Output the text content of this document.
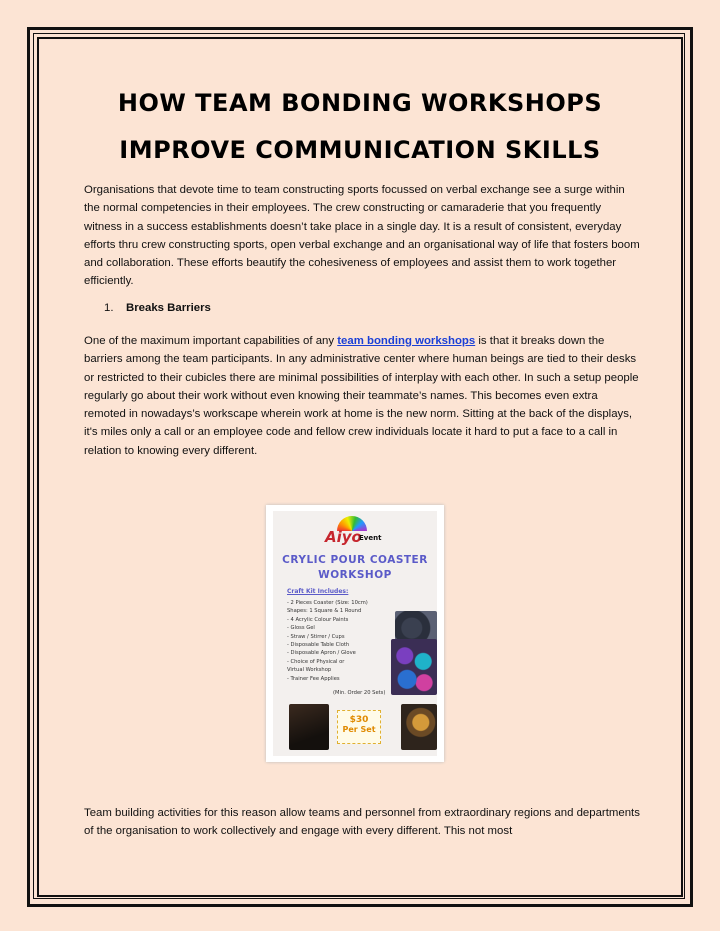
HOW TEAM BONDING WORKSHOPS
IMPROVE COMMUNICATION SKILLS
Organisations that devote time to team constructing sports focussed on verbal exchange see a surge within the normal competencies in their employees. The crew constructing or camaraderie that you frequently witness in a success establishments doesn’t take place in a single day. It is a result of consistent, everyday efforts thru crew constructing sports, open verbal exchange and an organisational way of life that fosters boom and collaboration. These efforts beautify the cohesiveness of employees and assist them to work together efficiently.
1. Breaks Barriers
One of the maximum important capabilities of any team bonding workshops is that it breaks down the barriers among the team participants. In any administrative center where human beings are tied to their desks or restricted to their cubicles there are minimal possibilities of interplay with each other. In such a setup people regularly go about their work without even knowing their teammate’s names. This becomes even extra remoted in nowadays’s workscape wherein work at home is the new norm. Sitting at the back of the displays, it's miles only a call or an employee code and fellow crew individuals locate it hard to put a face to a call in relation to knowing every different.
Aiyo
Event
CRYLIC POUR COASTER
WORKSHOP
Craft Kit Includes:
- 2 Pieces Coaster (Size: 10cm)
Shapes: 1 Square & 1 Round
- 4 Acrylic Colour Paints
- Gloss Gel
- Straw / Stirrer / Cups
- Disposable Table Cloth
- Disposable Apron / Glove
- Choice of Physical or
Virtual Workshop
- Trainer Fee Applies
(Min. Order 20 Sets)
$30
Per Set
Team building activities for this reason allow teams and personnel from extraordinary regions and departments of the organisation to work collectively and engage with every different. This not most
